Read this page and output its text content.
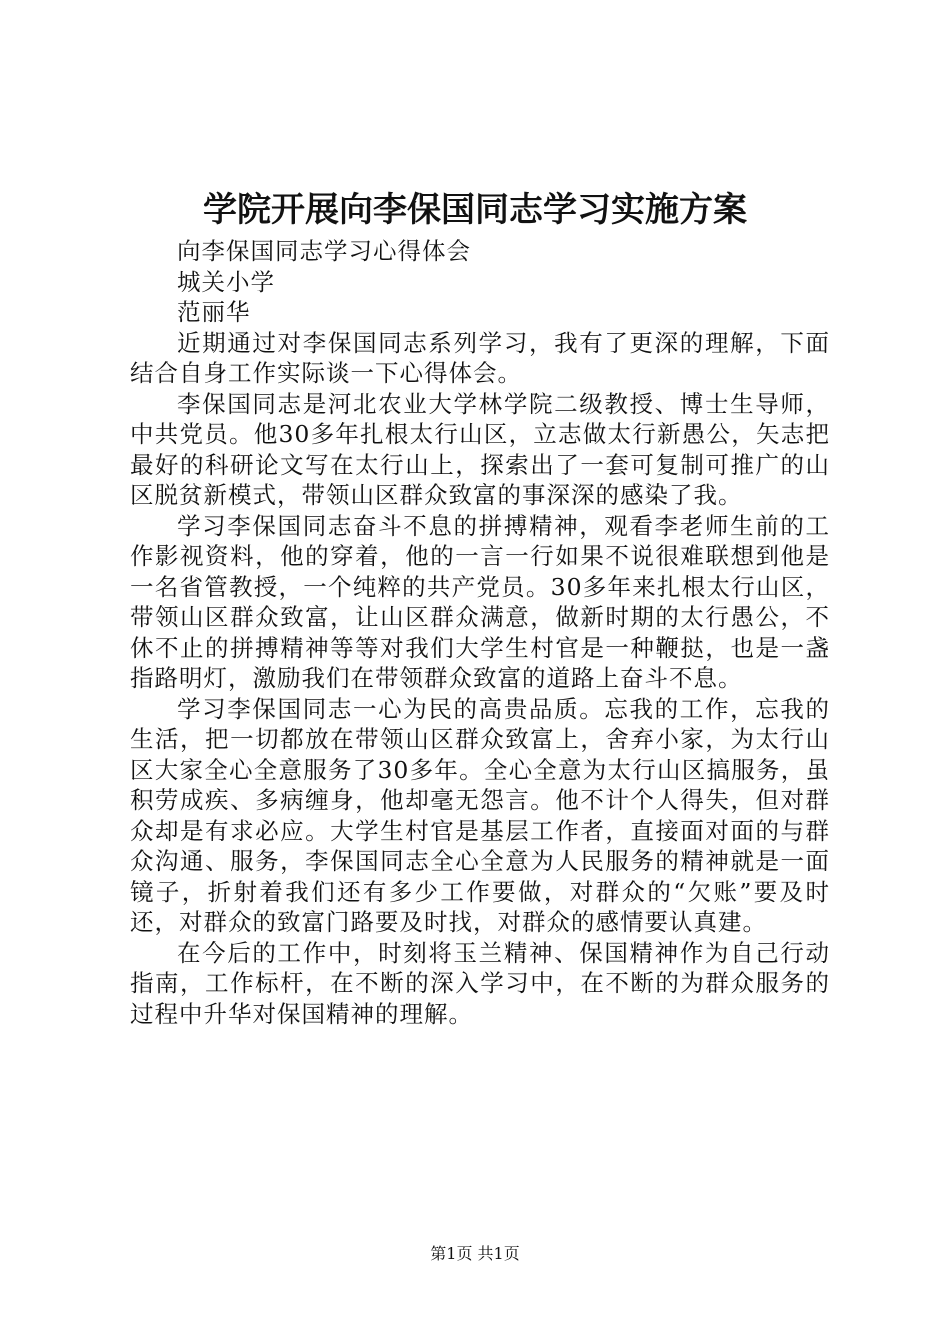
学院开展向李保国同志学习实施方案

向李保国同志学习心得体会

城关小学

范丽华

近期通过对李保国同志系列学习，我有了更深的理解，下面结合自身工作实际谈一下心得体会。

李保国同志是河北农业大学林学院二级教授、博士生导师，中共党员。他30多年扎根太行山区，立志做太行新愚公，矢志把最好的科研论文写在太行山上，探索出了一套可复制可推广的山区脱贫新模式，带领山区群众致富的事深深的感染了我。

学习李保国同志奋斗不息的拼搏精神，观看李老师生前的工作影视资料，他的穿着，他的一言一行如果不说很难联想到他是一名省管教授，一个纯粹的共产党员。30多年来扎根太行山区，带领山区群众致富，让山区群众满意，做新时期的太行愚公，不休不止的拼搏精神等等对我们大学生村官是一种鞭挞，也是一盏指路明灯，激励我们在带领群众致富的道路上奋斗不息。

学习李保国同志一心为民的高贵品质。忘我的工作，忘我的生活，把一切都放在带领山区群众致富上，舍弃小家，为太行山区大家全心全意服务了30多年。全心全意为太行山区搞服务，虽积劳成疾、多病缠身，他却毫无怨言。他不计个人得失，但对群众却是有求必应。大学生村官是基层工作者，直接面对面的与群众沟通、服务，李保国同志全心全意为人民服务的精神就是一面镜子，折射着我们还有多少工作要做，对群众的“欠账”要及时还，对群众的致富门路要及时找，对群众的感情要认真建。

在今后的工作中，时刻将玉兰精神、保国精神作为自己行动指南，工作标杆，在不断的深入学习中，在不断的为群众服务的过程中升华对保国精神的理解。

第1页 共1页
